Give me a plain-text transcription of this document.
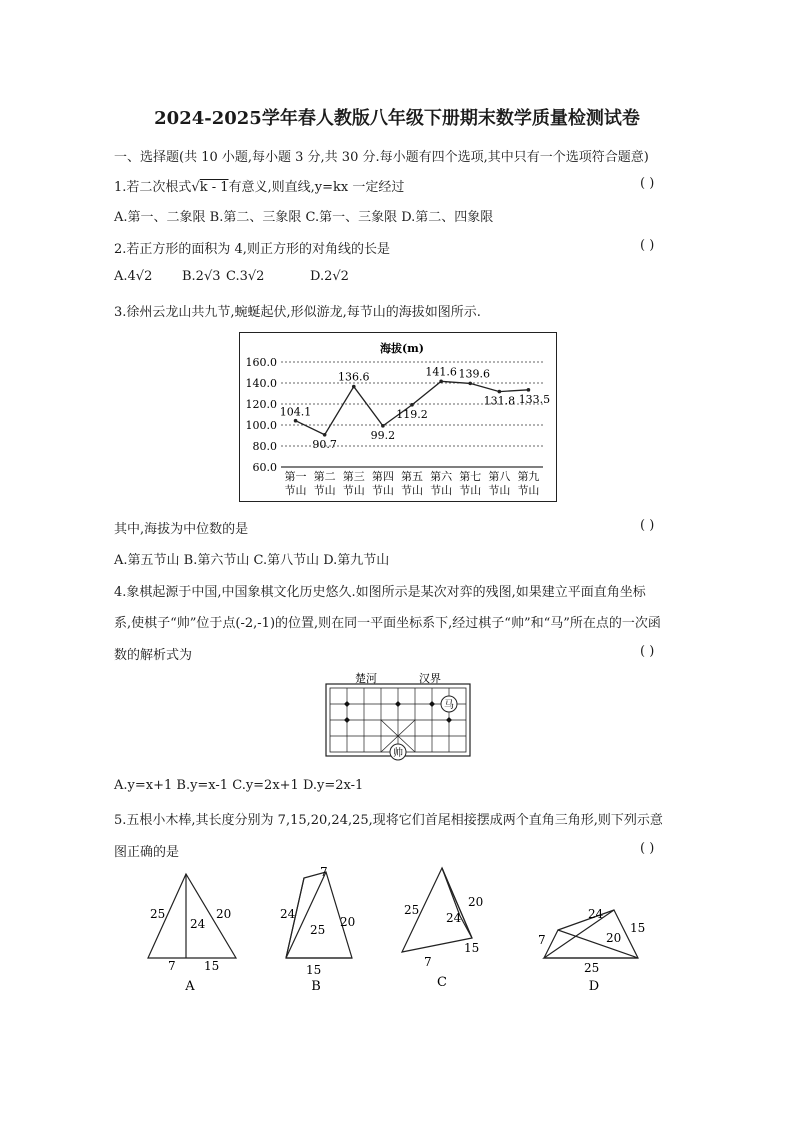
2024-2025学年春人教版八年级下册期末数学质量检测试卷
一、选择题(共 10 小题,每小题 3 分,共 30 分.每小题有四个选项,其中只有一个选项符合题意)
1.若二次根式√k - 1有意义,则直线,y=kx 一定经过	( )
A.第一、二象限 B.第二、三象限 C.第一、三象限 D.第二、四象限
2.若正方形的面积为 4,则正方形的对角线的长是	( )
A.4√2 B.2√3 C.3√2	D.2√2
3.徐州云龙山共九节,蜿蜒起伏,形似游龙,每节山的海拔如图所示.
海拔(m)
60.0
80.0
100.0
120.0
140.0
160.0
104.1
第一
节山
90.7
第二
节山
136.6
第三
节山
99.2
第四
节山
119.2
第五
节山
141.6
第六
节山
139.6
第七
节山
131.8
第八
节山
133.5
第九
节山
其中,海拔为中位数的是	( )
A.第五节山 B.第六节山 C.第八节山 D.第九节山
4.象棋起源于中国,中国象棋文化历史悠久.如图所示是某次对弈的残图,如果建立平面直角坐标
系,使棋子“帅”位于点(-2,-1)的位置,则在同一平面坐标系下,经过棋子“帅”和“马”所在点的一次函
数的解析式为	( )
楚河	汉界
帅
马
A.y=x+1 B.y=x-1 C.y=2x+1 D.y=2x-1
5.五根小木棒,其长度分别为 7,15,20,24,25,现将它们首尾相接摆成两个直角三角形,则下列示意
图正确的是	( )
25
24
20
7 15
7
24
25
20
15
25
24
20
15
7
24
15
7	20
25
A	B	C	D
